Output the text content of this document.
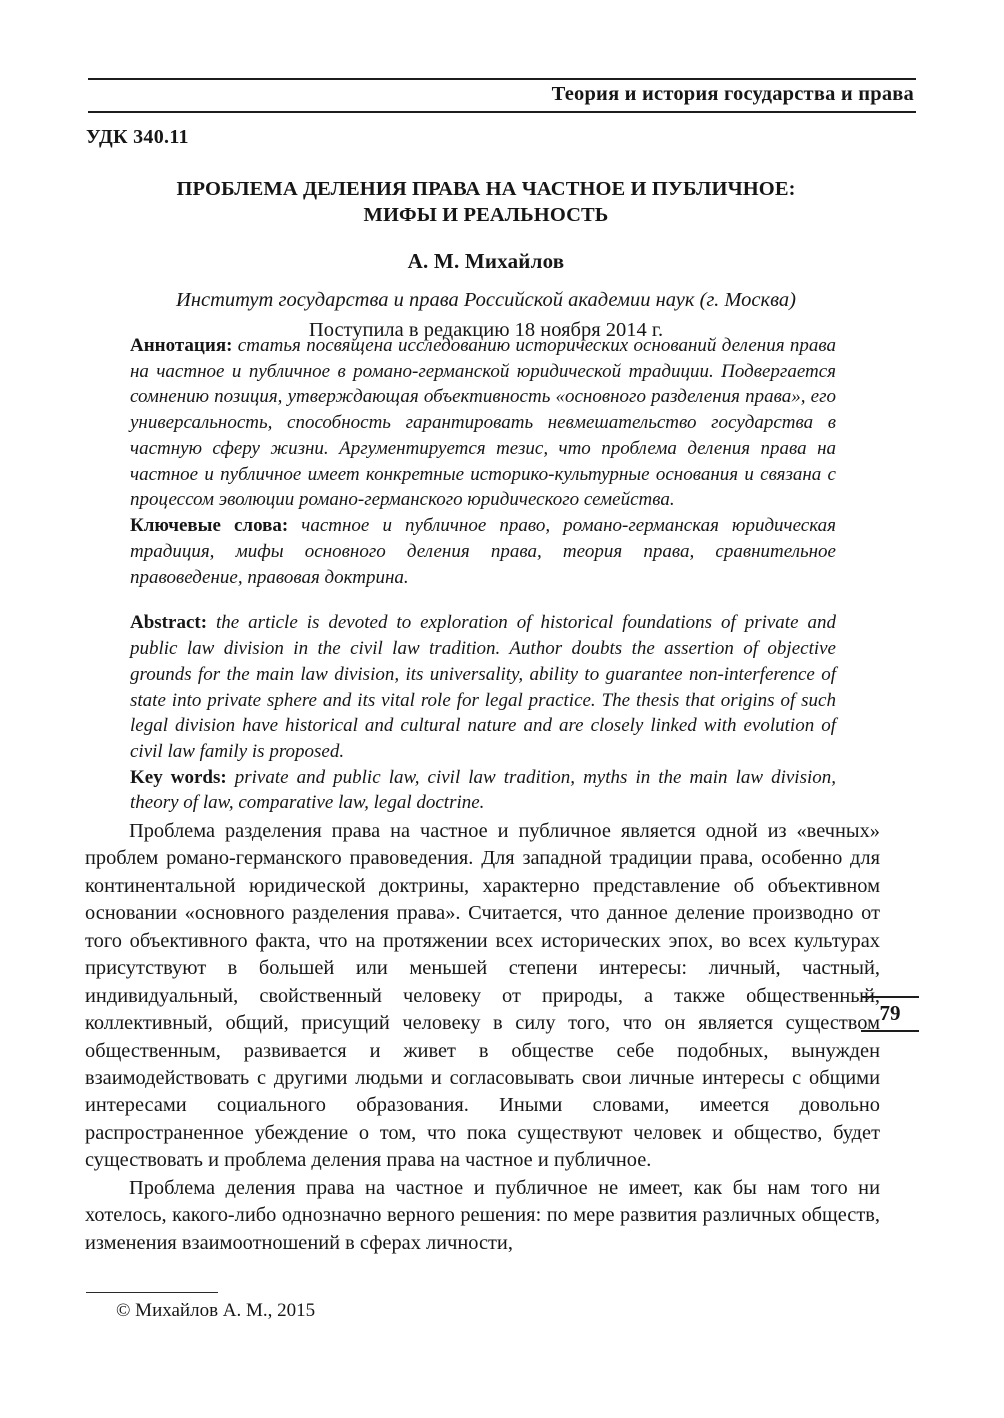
Теория и история государства и права
УДК 340.11
ПРОБЛЕМА ДЕЛЕНИЯ ПРАВА НА ЧАСТНОЕ И ПУБЛИЧНОЕ:
МИФЫ И РЕАЛЬНОСТЬ
А. М. Михайлов
Институт государства и права Российской академии наук (г. Москва)
Поступила в редакцию 18 ноября 2014 г.

Аннотация: статья посвящена исследованию исторических оснований деления права на частное и публичное в романо-германской юридической традиции. Подвергается сомнению позиция, утверждающая объективность «основного разделения права», его универсальность, способность гарантировать невмешательство государства в частную сферу жизни. Аргументируется тезис, что проблема деления права на частное и публичное имеет конкретные историко-культурные основания и связана с процессом эволюции романо-германского юридического семейства.

Ключевые слова: частное и публичное право, романо-германская юридическая традиция, мифы основного деления права, теория права, сравнительное правоведение, правовая доктрина.

Abstract: the article is devoted to exploration of historical foundations of private and public law division in the civil law tradition. Author doubts the assertion of objective grounds for the main law division, its universality, ability to guarantee non-interference of state into private sphere and its vital role for legal practice. The thesis that origins of such legal division have historical and cultural nature and are closely linked with evolution of civil law family is proposed.

Key words: private and public law, civil law tradition, myths in the main law division, theory of law, comparative law, legal doctrine.

Проблема разделения права на частное и публичное является одной из «вечных» проблем романо-германского правоведения. Для западной традиции права, особенно для континентальной юридической доктрины, характерно представление об объективном основании «основного разделения права». Считается, что данное деление производно от того объективного факта, что на протяжении всех исторических эпох, во всех культурах присутствуют в большей или меньшей степени интересы: личный, частный, индивидуальный, свойственный человеку от природы, а также общественный, коллективный, общий, присущий человеку в силу того, что он является существом общественным, развивается и живет в обществе себе подобных, вынужден взаимодействовать с другими людьми и согласовывать свои личные интересы с общими интересами социального образования. Иными словами, имеется довольно распространенное убеждение о том, что пока существуют человек и общество, будет существовать и проблема деления права на частное и публичное.

Проблема деления права на частное и публичное не имеет, как бы нам того ни хотелось, какого-либо однозначно верного решения: по мере развития различных обществ, изменения взаимоотношений в сферах личности,

79
© Михайлов А. М., 2015
